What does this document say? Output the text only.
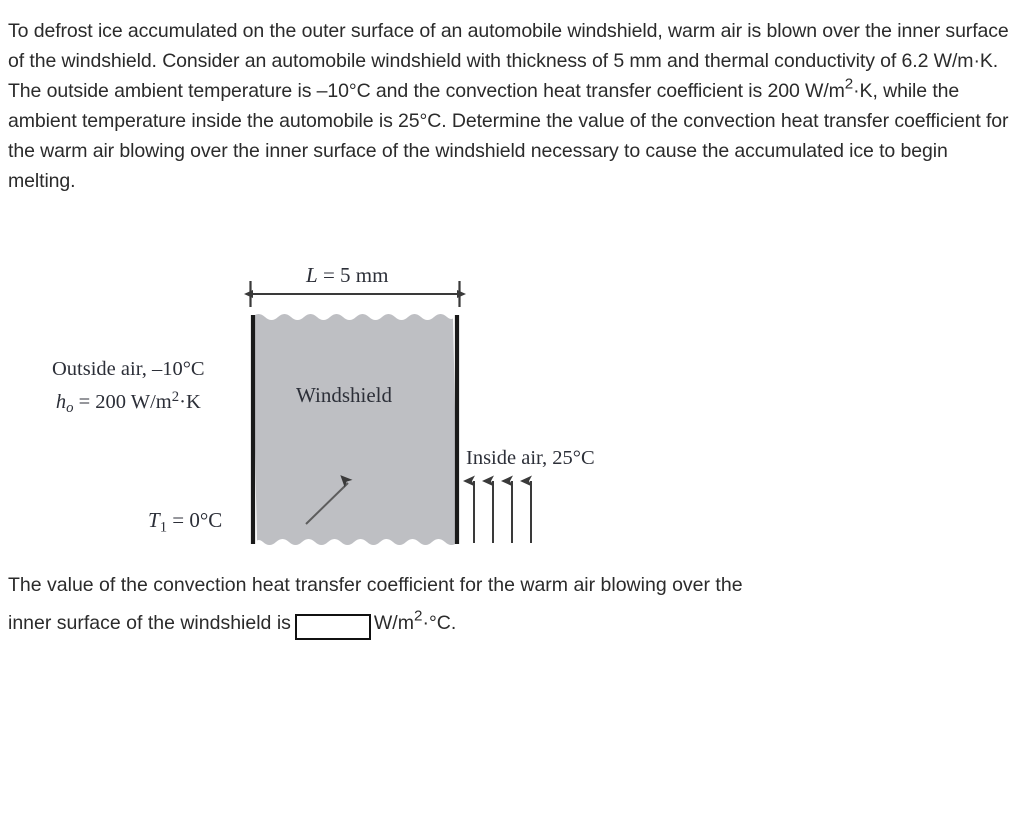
To defrost ice accumulated on the outer surface of an automobile windshield, warm air is blown over the inner surface of the windshield. Consider an automobile windshield with thickness of 5 mm and thermal conductivity of 6.2 W/m·K. The outside ambient temperature is –10°C and the convection heat transfer coefficient is 200 $W/m^2\cdot K$, while the ambient temperature inside the automobile is 25°C. Determine the value of the convection heat transfer coefficient for the warm air blowing over the inner surface of the windshield necessary to cause the accumulated ice to begin melting.

L = 5 mm
Outside air, –10°C
$h_o = 200$ $W/m^2\cdot K$	Windshield
Inside air, 25°C
$T_1 = 0^\circ C$

The value of the convection heat transfer coefficient for the warm air blowing over the

inner surface of the windshield is	$W/m^2\cdot^\circ C$.
